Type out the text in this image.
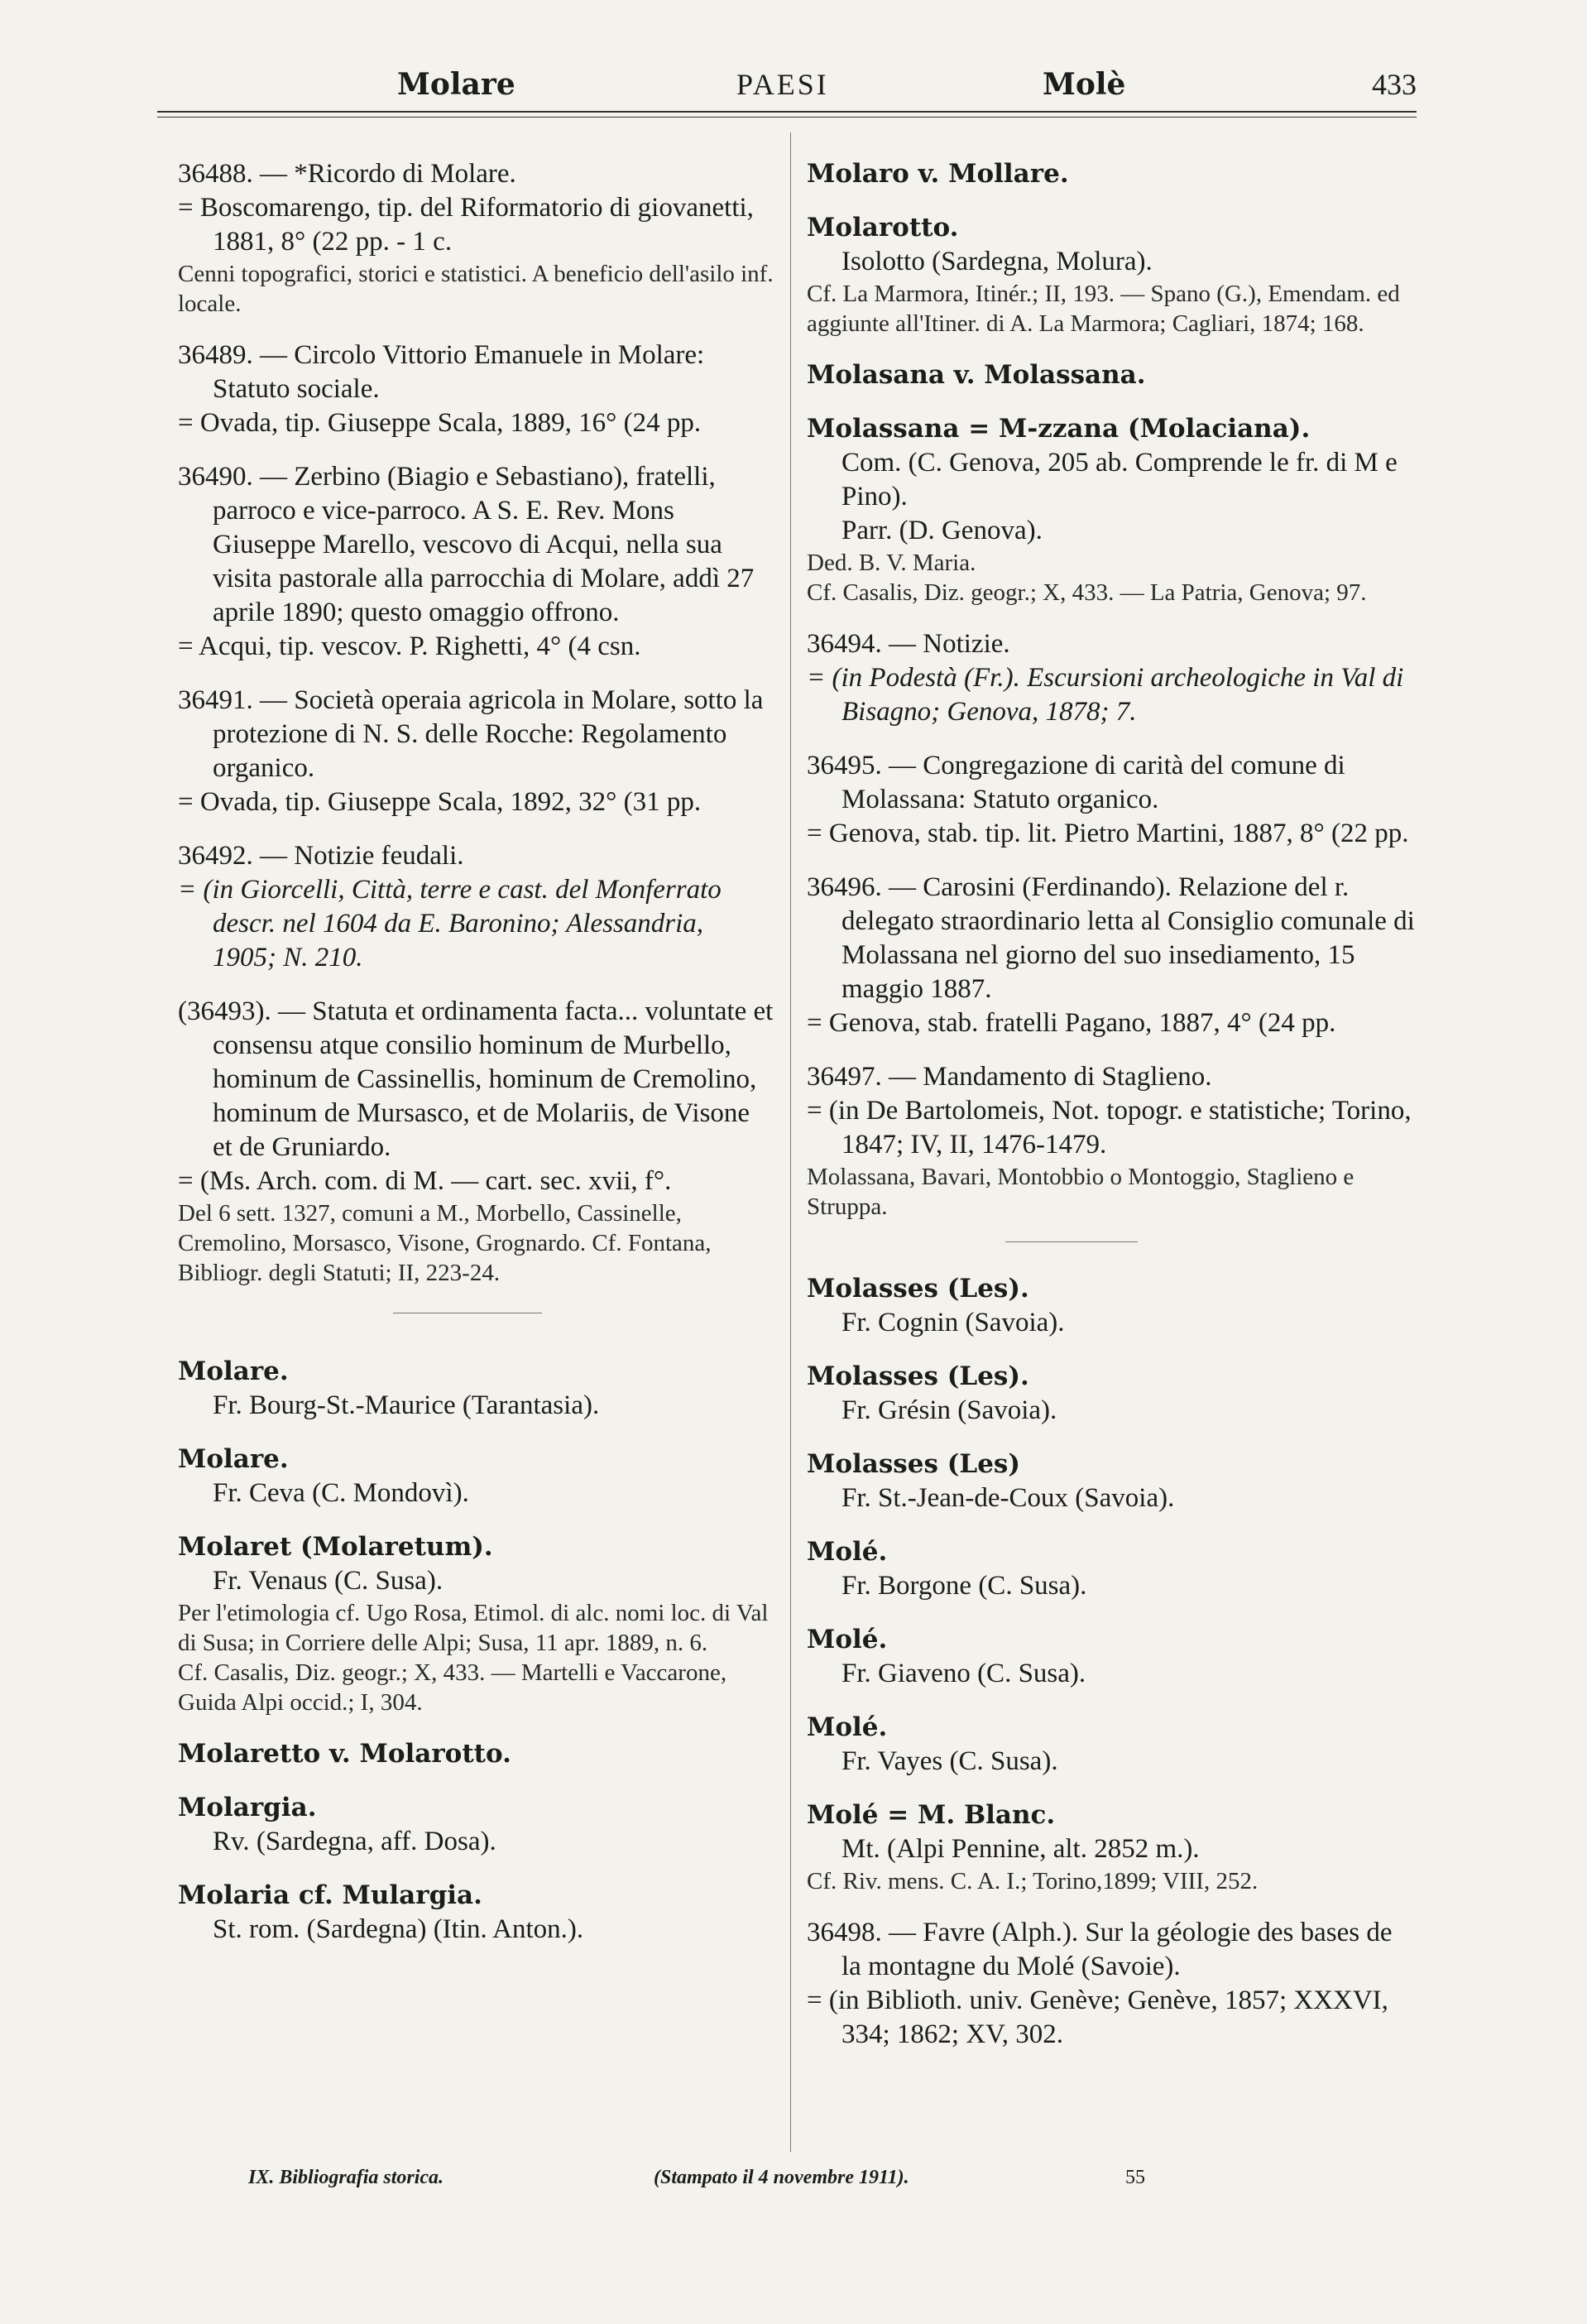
Molare	PAESI	Molè	433
36488. — *Ricordo di Molare.
= Boscomarengo, tip. del Riformatorio di giovanetti, 1881, 8° (22 pp. - 1 c.
Cenni topografici, storici e statistici. A beneficio dell'asilo inf. locale.
36489. — Circolo Vittorio Emanuele in Molare: Statuto sociale.
= Ovada, tip. Giuseppe Scala, 1889, 16° (24 pp.
36490. — Zerbino (Biagio e Sebastiano), fratelli, parroco e vice-parroco. A S. E. Rev. Mons Giuseppe Marello, vescovo di Acqui, nella sua visita pastorale alla parrocchia di Molare, addì 27 aprile 1890; questo omaggio offrono.
= Acqui, tip. vescov. P. Righetti, 4° (4 csn.
36491. — Società operaia agricola in Molare, sotto la protezione di N. S. delle Rocche: Regolamento organico.
= Ovada, tip. Giuseppe Scala, 1892, 32° (31 pp.
36492. — Notizie feudali.
= (in Giorcelli, Città, terre e cast. del Monferrato descr. nel 1604 da E. Baronino; Alessandria, 1905; N. 210.
(36493). — Statuta et ordinamenta facta... voluntate et consensu atque consilio hominum de Murbello, hominum de Cassinellis, hominum de Cremolino, hominum de Mursasco, et de Molariis, de Visone et de Gruniardo.
= (Ms. Arch. com. di M. — cart. sec. xvii, f°.
Del 6 sett. 1327, comuni a M., Morbello, Cassinelle, Cremolino, Morsasco, Visone, Grognardo. Cf. Fontana, Bibliogr. degli Statuti; II, 223-24.
Molare.
Fr. Bourg-St.-Maurice (Tarantasia).
Molare.
Fr. Ceva (C. Mondovì).
Molaret (Molaretum).
Fr. Venaus (C. Susa).
Per l'etimologia cf. Ugo Rosa, Etimol. di alc. nomi loc. di Val di Susa; in Corriere delle Alpi; Susa, 11 apr. 1889, n. 6.
Cf. Casalis, Diz. geogr.; X, 433. — Martelli e Vaccarone, Guida Alpi occid.; I, 304.
Molaretto v. Molarotto.
Molargia.
Rv. (Sardegna, aff. Dosa).
Molaria cf. Mulargia.
St. rom. (Sardegna) (Itin. Anton.).
Molaro v. Mollare.
Molarotto.
Isolotto (Sardegna, Molura).
Cf. La Marmora, Itinér.; II, 193. — Spano (G.), Emendam. ed aggiunte all'Itiner. di A. La Marmora; Cagliari, 1874; 168.
Molasana v. Molassana.
Molassana = M-zzana (Molaciana).
Com. (C. Genova, 205 ab. Comprende le fr. di M e Pino).
Parr. (D. Genova).
Ded. B. V. Maria.
Cf. Casalis, Diz. geogr.; X, 433. — La Patria, Genova; 97.
36494. — Notizie.
= (in Podestà (Fr.). Escursioni archeologiche in Val di Bisagno; Genova, 1878; 7.
36495. — Congregazione di carità del comune di Molassana: Statuto organico.
= Genova, stab. tip. lit. Pietro Martini, 1887, 8° (22 pp.
36496. — Carosini (Ferdinando). Relazione del r. delegato straordinario letta al Consiglio comunale di Molassana nel giorno del suo insediamento, 15 maggio 1887.
= Genova, stab. fratelli Pagano, 1887, 4° (24 pp.
36497. — Mandamento di Staglieno.
= (in De Bartolomeis, Not. topogr. e statistiche; Torino, 1847; IV, II, 1476-1479.
Molassana, Bavari, Montobbio o Montoggio, Staglieno e Struppa.
Molasses (Les).
Fr. Cognin (Savoia).
Molasses (Les).
Fr. Grésin (Savoia).
Molasses (Les)
Fr. St.-Jean-de-Coux (Savoia).
Molé.
Fr. Borgone (C. Susa).
Molé.
Fr. Giaveno (C. Susa).
Molé.
Fr. Vayes (C. Susa).
Molé = M. Blanc.
Mt. (Alpi Pennine, alt. 2852 m.).
Cf. Riv. mens. C. A. I.; Torino,1899; VIII, 252.
36498. — Favre (Alph.). Sur la géologie des bases de la montagne du Molé (Savoie).
= (in Biblioth. univ. Genève; Genève, 1857; XXXVI, 334; 1862; XV, 302.
IX. Bibliografia storica.	(Stampato il 4 novembre 1911).	55
